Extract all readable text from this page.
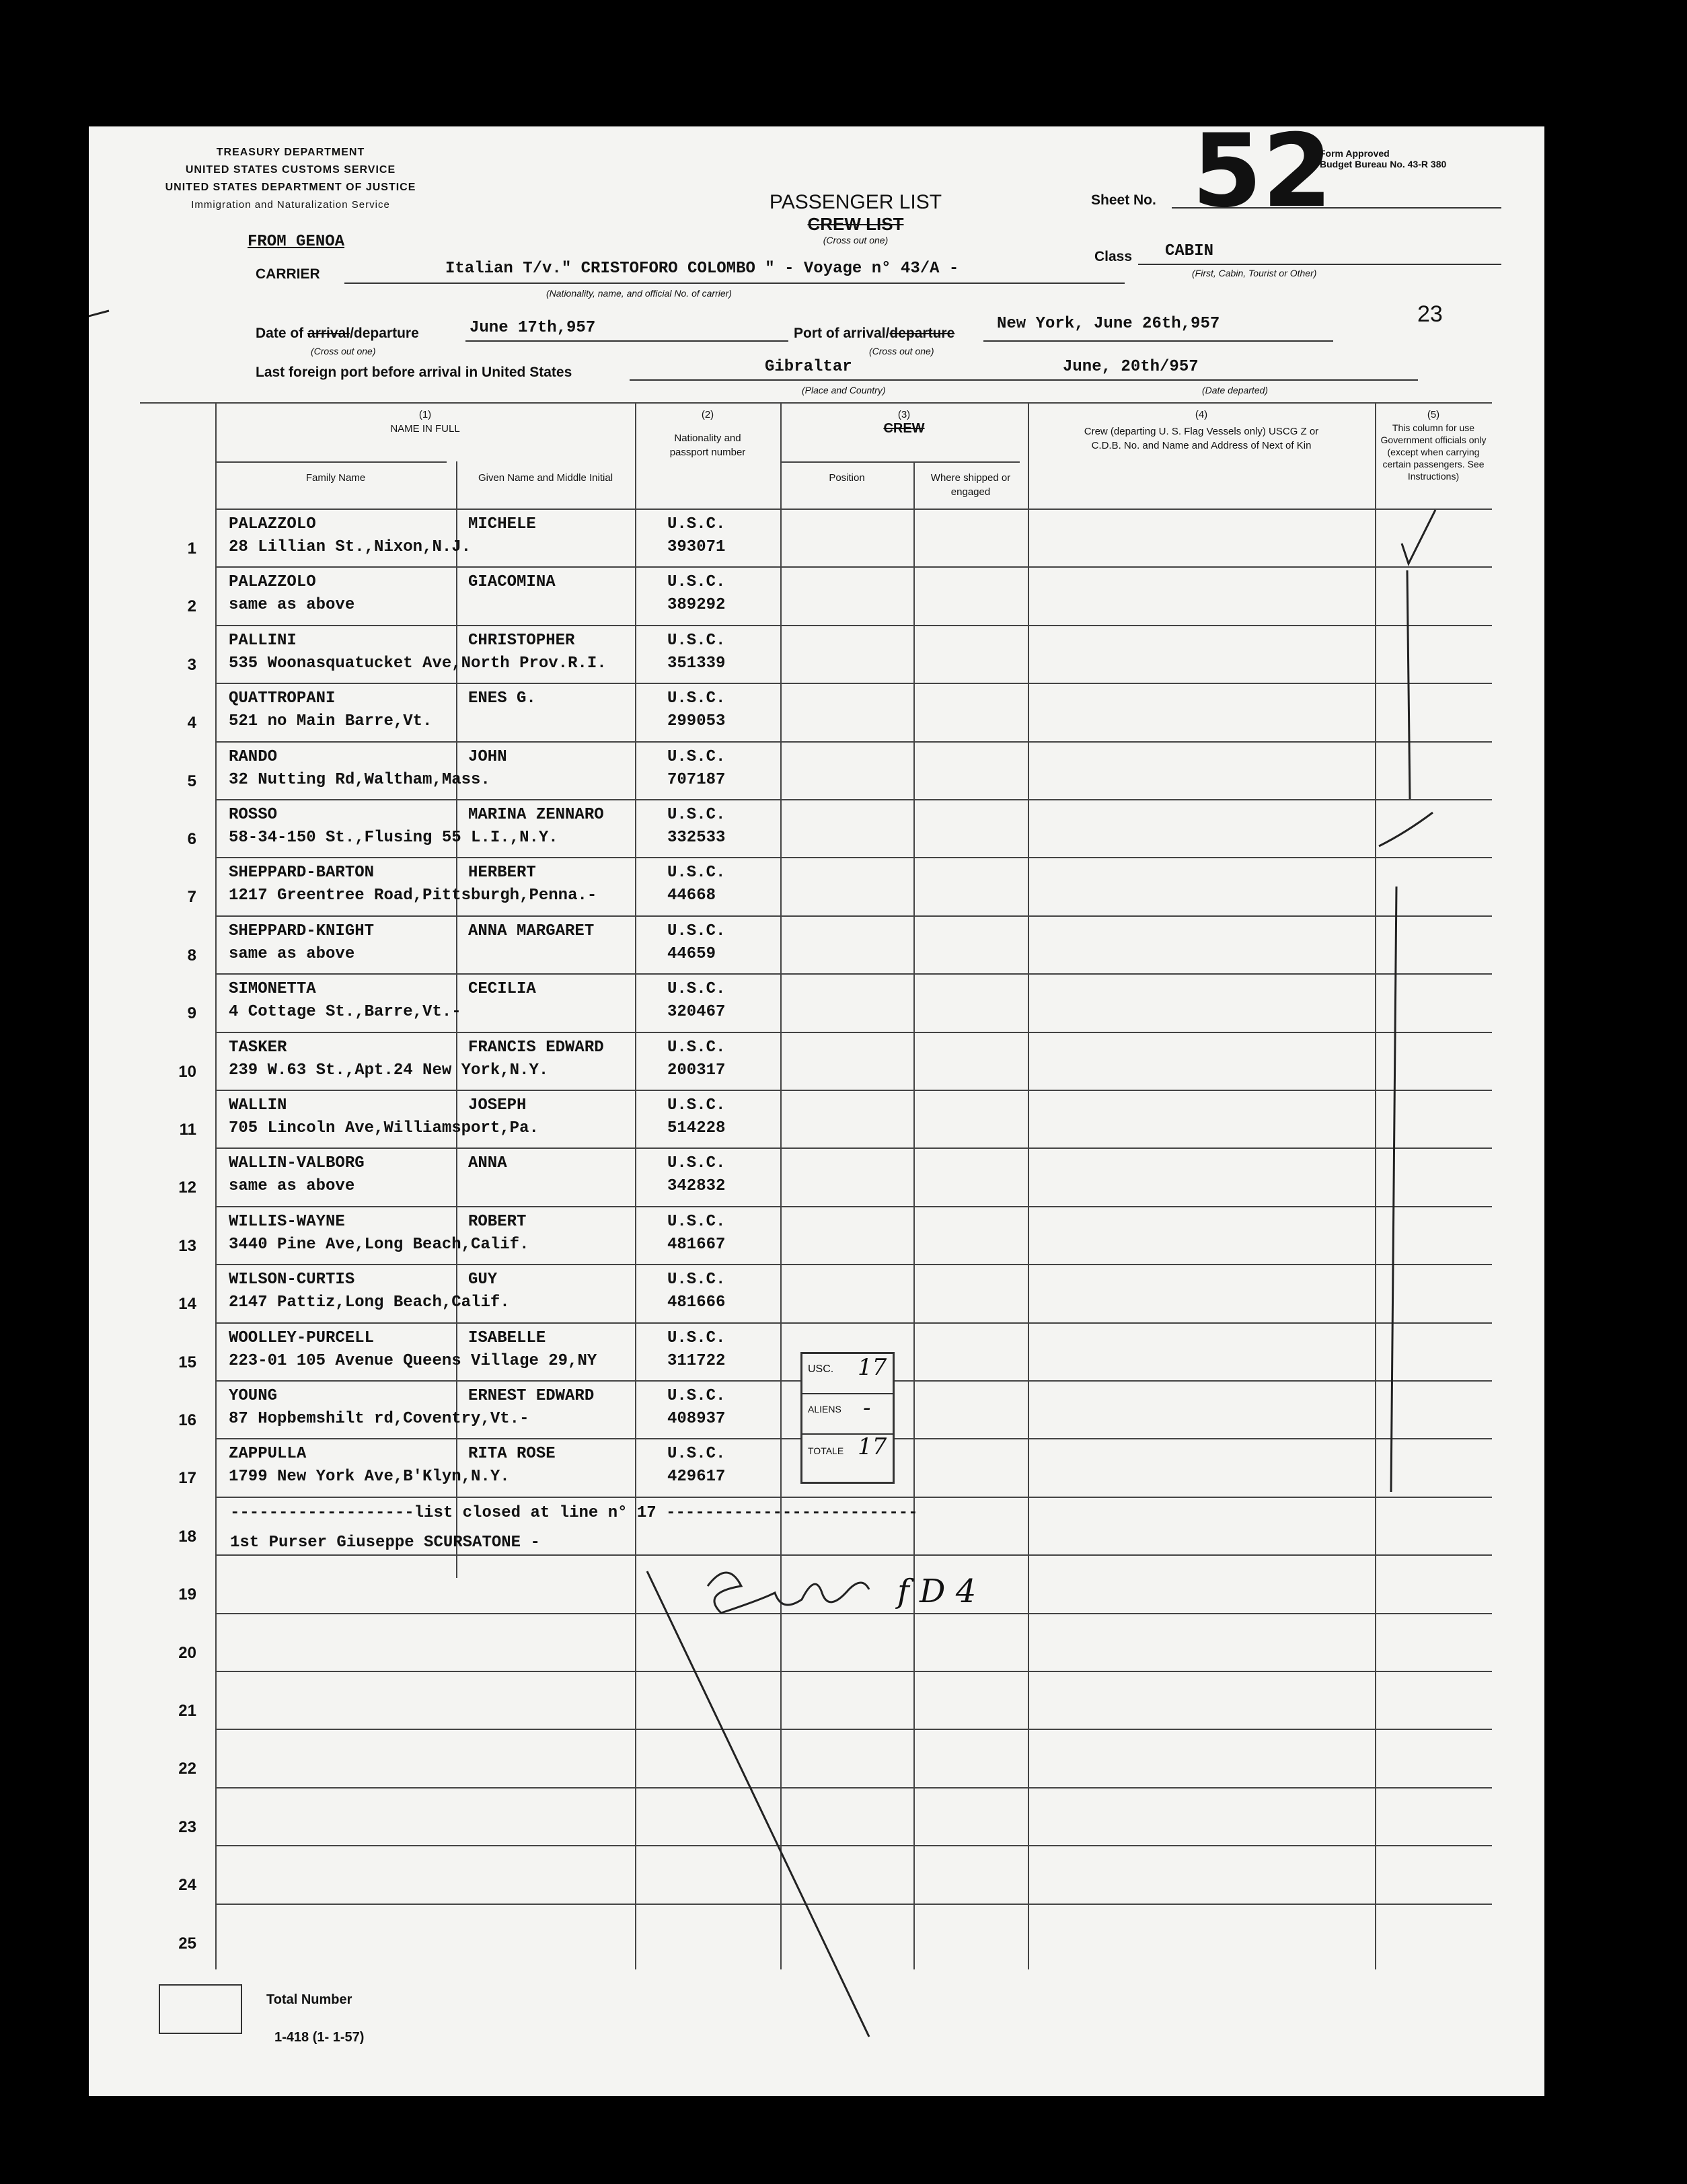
TREASURY DEPARTMENT
UNITED STATES CUSTOMS SERVICE
UNITED STATES DEPARTMENT OF JUSTICE
Immigration and Naturalization Service	PASSENGER LIST
CREW LIST
(Cross out one)
Sheet No. 52
Form Approved
Budget Bureau No. 43-R 380
FROM GENOA
CARRIER	Italian T/v." CRISTOFORO COLOMBO " - Voyage n° 43/A -
(Nationality, name, and official No. of carrier)
Class CABIN
(First, Cabin, Tourist or Other)
Date of arrival/departure	June 17th,957
(Cross out one)
Port of arrival/departure
New York, June 26th,957
(Cross out one)
23
Last foreign port before arrival in United States	Gibraltar
(Place and Country)
June, 20th/957
(Date departed)
(1)
NAME IN FULL
Family Name	Given Name and Middle Initial
(2)
Nationality and passport number
(3)
CREW
Position	Where shipped or engaged
(4)
Crew (departing U. S. Flag Vessels only) USCG Z or C.D.B. No. and Name and Address of Next of Kin
(5)
This column for use Government officials only (except when carrying certain passengers. See Instructions)
1
PALAZZOLO	MICHELE
28 Lillian St.,Nixon,N.J.
U.S.C.
393071
2
PALAZZOLO	GIACOMINA
same as above
U.S.C.
389292
3
PALLINI	CHRISTOPHER
535 Woonasquatucket Ave,North Prov.R.I.
U.S.C.
351339
4
QUATTROPANI	ENES G.
521 no Main Barre,Vt.
U.S.C.
299053
5
RANDO	JOHN
32 Nutting Rd,Waltham,Mass.
U.S.C.
707187
6
ROSSO	MARINA ZENNARO
58-34-150 St.,Flusing 55 L.I.,N.Y.
U.S.C.
332533
7
SHEPPARD-BARTON	HERBERT
1217 Greentree Road,Pittsburgh,Penna.-
U.S.C.
44668
8
SHEPPARD-KNIGHT	ANNA MARGARET
same as above
U.S.C.
44659
9
SIMONETTA	CECILIA
4 Cottage St.,Barre,Vt.-
U.S.C.
320467
10
TASKER	FRANCIS EDWARD
239 W.63 St.,Apt.24 New York,N.Y.
U.S.C.
200317
11
WALLIN	JOSEPH
705 Lincoln Ave,Williamsport,Pa.
U.S.C.
514228
12
WALLIN-VALBORG	ANNA
same as above
U.S.C.
342832
13
WILLIS-WAYNE	ROBERT
3440 Pine Ave,Long Beach,Calif.
U.S.C.
481667
14
WILSON-CURTIS	GUY
2147 Pattiz,Long Beach,Calif.
U.S.C.
481666
15
WOOLLEY-PURCELL	ISABELLE
223-01 105 Avenue Queens Village 29,NY
U.S.C.
311722
16
YOUNG	ERNEST EDWARD
87 Hopbemshilt rd,Coventry,Vt.-
U.S.C.
408937
17
ZAPPULLA	RITA ROSE
1799 New York Ave,B'Klyn,N.Y.
U.S.C.
429617
18
19
20
21
22
23
24
25
-------------------list closed at line n° 17 --------------------------
1st Purser Giuseppe SCURSATONE -
USC. 17
ALIENS -
TOTALE 17
f D 4
Total Number
1-418 (1- 1-57)
